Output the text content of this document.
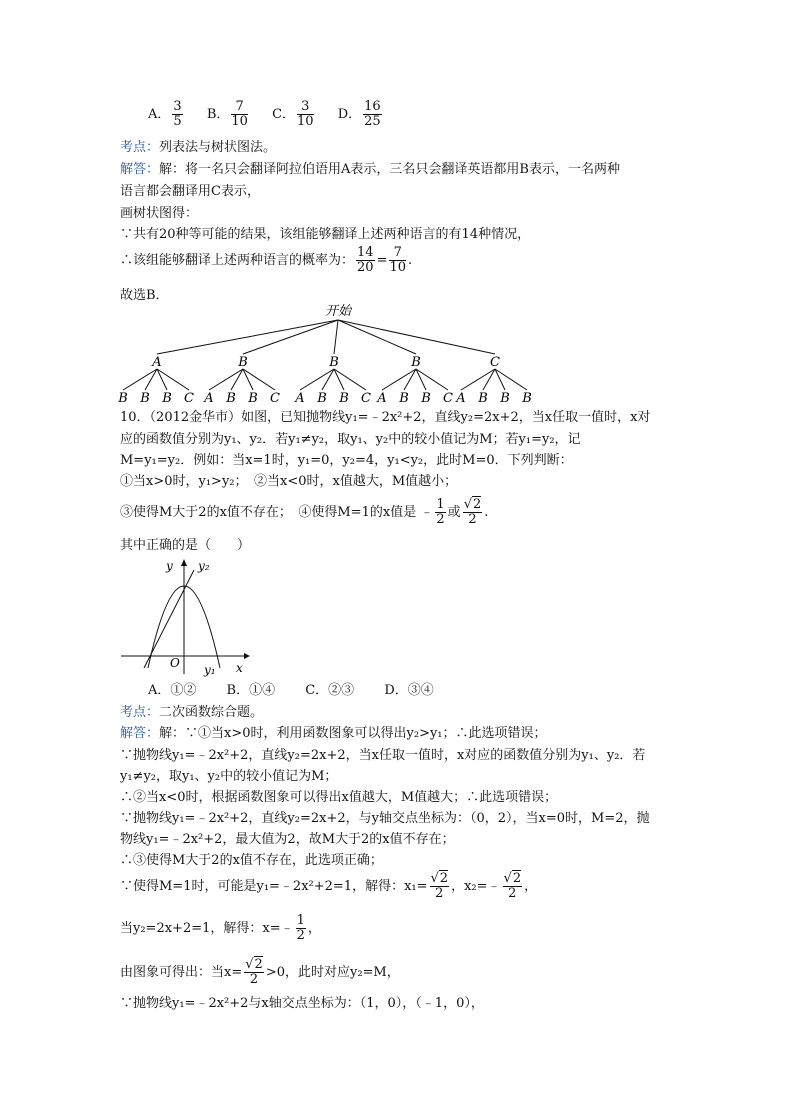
A． $\frac{3}{5}$ B． $\frac{7}{10}$ C． $\frac{3}{10}$ D． $\frac{16}{25}$
考点：列表法与树状图法。
解答：解：将一名只会翻译阿拉伯语用A表示，三名只会翻译英语都用B表示，一名两种
语言都会翻译用C表示，
画树状图得：
∵共有20种等可能的结果，该组能够翻译上述两种语言的有14种情况，
∴该组能够翻译上述两种语言的概率为： $\frac{14}{20} = \frac{7}{10}$ .
故选B．
开始
A
B B B C
B
A B B C
B
A B B C
B
A B B C
C
A B B B
10．（2012金华市）如图，已知抛物线y₁=﹣2x²+2，直线y₂=2x+2，当x任取一值时，x对
应的函数值分别为y₁、y₂．若y₁≠y₂，取y₁、y₂中的较小值记为M；若y₁=y₂，记
M=y₁=y₂．例如：当x=1时，y₁=0，y₂=4，y₁<y₂，此时M=0．下列判断：
①当x>0时，y₁>y₂；　②当x<0时，x值越大，M值越小；
③使得M大于2的x值不存在；　④使得M=1的x值是 ﹣ $\frac{1}{2}$ 或 $\frac{√2}{2}$ .
其中正确的是（　　）
y y₂
O y₁ x
A．①② B．①④ C．②③ D．③④
考点：二次函数综合题。
解答：解：∵①当x>0时，利用函数图象可以得出y₂>y₁；∴此选项错误；
∵抛物线y₁=﹣2x²+2，直线y₂=2x+2，当x任取一值时，x对应的函数值分别为y₁、y₂．若
y₁≠y₂，取y₁、y₂中的较小值记为M；
∴②当x<0时，根据函数图象可以得出x值越大，M值越大；∴此选项错误；
∵抛物线y₁=﹣2x²+2，直线y₂=2x+2，与y轴交点坐标为：（0，2），当x=0时，M=2，抛
物线y₁=﹣2x²+2，最大值为2，故M大于2的x值不存在；
∴③使得M大于2的x值不存在，此选项正确；
∵使得M=1时，可能是y₁=﹣2x²+2=1，解得：$x_1= \frac{√2}{2}$ ，x₂=﹣ $\frac{√2}{2}$ ，
当y₂=2x+2=1，解得：x=﹣ $\frac{1}{2}$ ，
由图象可得出：当$x= \frac{√2}{2} >0$，此时对应y₂=M，
∵抛物线y₁=﹣2x²+2与x轴交点坐标为：（1，0），（﹣1，0），
